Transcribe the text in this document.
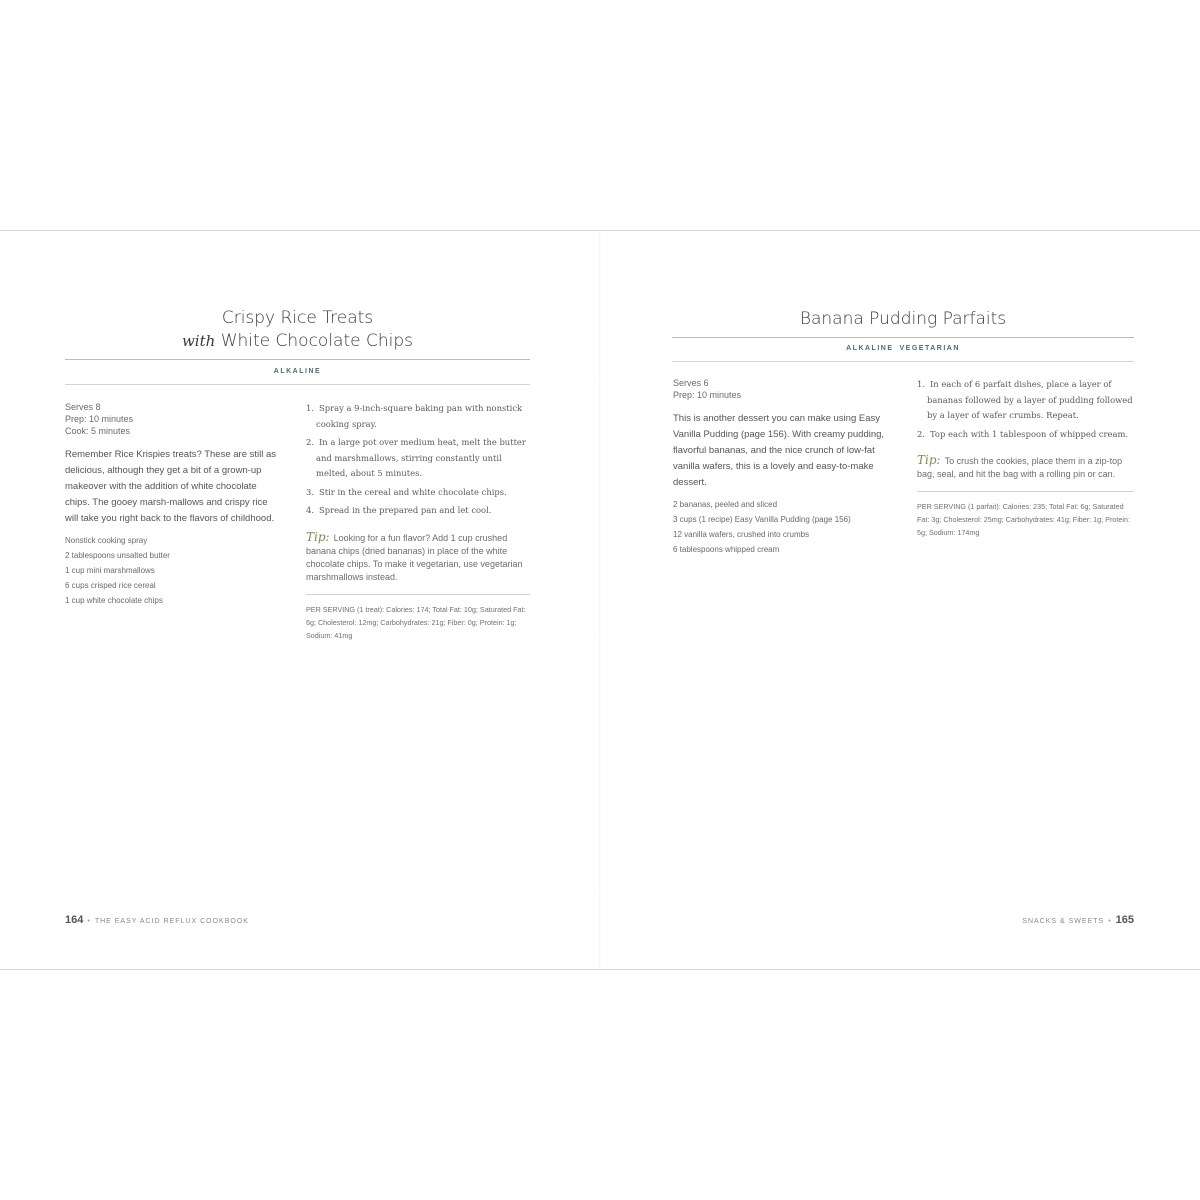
Crispy Rice Treats
with White Chocolate Chips
ALKALINE
Serves 8
Prep: 10 minutes
Cook: 5 minutes

Remember Rice Krispies treats? These are still as delicious, although they get a bit of a grown-up makeover with the addition of white chocolate chips. The gooey marsh-mallows and crispy rice will take you right back to the flavors of childhood.

Nonstick cooking spray
2 tablespoons unsalted butter
1 cup mini marshmallows
6 cups crisped rice cereal
1 cup white chocolate chips
1. Spray a 9-inch-square baking pan with nonstick cooking spray.
2. In a large pot over medium heat, melt the butter and marshmallows, stirring constantly until melted, about 5 minutes.
3. Stir in the cereal and white chocolate chips.
4. Spread in the prepared pan and let cool.

Tip: Looking for a fun flavor? Add 1 cup crushed banana chips (dried bananas) in place of the white chocolate chips. To make it vegetarian, use vegetarian marshmallows instead.

PER SERVING (1 treat): Calories: 174; Total Fat: 10g; Saturated Fat: 6g; Cholesterol: 12mg; Carbohydrates: 21g; Fiber: 0g; Protein: 1g; Sodium: 41mg

164 • THE EASY ACID REFLUX COOKBOOK
Banana Pudding Parfaits
ALKALINE VEGETARIAN
Serves 6
Prep: 10 minutes

This is another dessert you can make using Easy Vanilla Pudding (page 156). With creamy pudding, flavorful bananas, and the nice crunch of low-fat vanilla wafers, this is a lovely and easy-to-make dessert.

2 bananas, peeled and sliced
3 cups (1 recipe) Easy Vanilla Pudding (page 156)
12 vanilla wafers, crushed into crumbs
6 tablespoons whipped cream
1. In each of 6 parfait dishes, place a layer of bananas followed by a layer of pudding followed by a layer of wafer crumbs. Repeat.
2. Top each with 1 tablespoon of whipped cream.

Tip: To crush the cookies, place them in a zip-top bag, seal, and hit the bag with a rolling pin or can.

PER SERVING (1 parfait): Calories: 235; Total Fat: 6g; Saturated Fat: 3g; Cholesterol: 25mg; Carbohydrates: 41g; Fiber: 1g; Protein: 5g; Sodium: 174mg

SNACKS & SWEETS • 165
